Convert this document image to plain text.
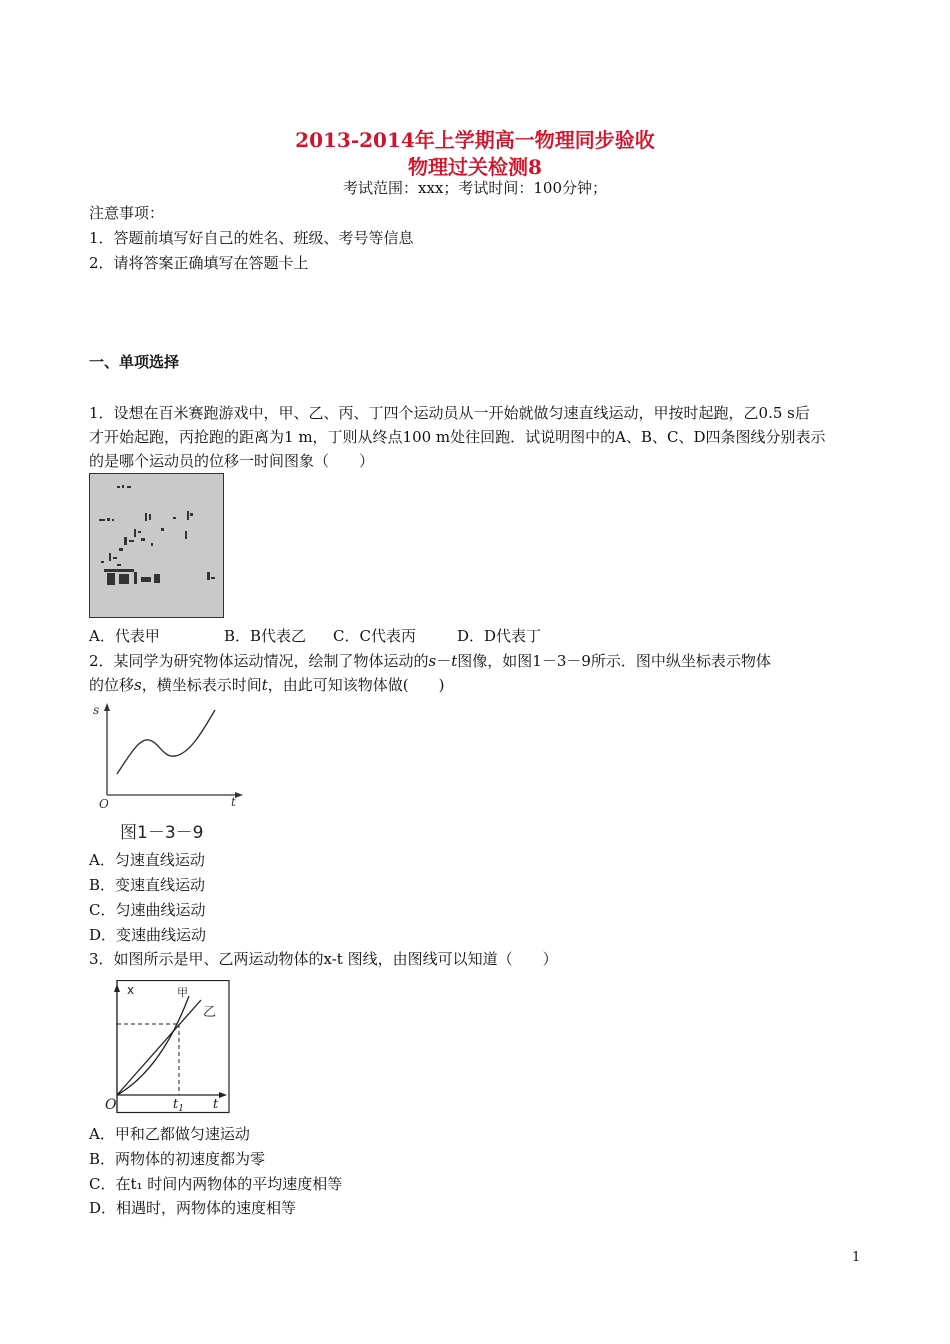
2013-2014年上学期高一物理同步验收
物理过关检测8
考试范围：xxx；考试时间：100分钟；
注意事项：
1．答题前填写好自己的姓名、班级、考号等信息
2．请将答案正确填写在答题卡上
一、单项选择
1．设想在百米赛跑游戏中，甲、乙、丙、丁四个运动员从一开始就做匀速直线运动，甲按时起跑，乙0.5 s后
才开始起跑，丙抢跑的距离为1 m，丁则从终点100 m处往回跑．试说明图中的A、B、C、D四条图线分别表示
的是哪个运动员的位移一时间图象（　　）
A．代表甲	B．B代表乙 C．C代表丙	D．D代表丁
2．某同学为研究物体运动情况，绘制了物体运动的s－t图像，如图1－3－9所示．图中纵坐标表示物体
的位移s，横坐标表示时间t，由此可知该物体做(　　)
s
t
O
图1－3－9
A．匀速直线运动
B．变速直线运动
C．匀速曲线运动
D．变速曲线运动
3．如图所示是甲、乙两运动物体的x-t 图线，由图线可以知道（　　）
x	甲
乙
O	$t_1$ t
A．甲和乙都做匀速运动
B．两物体的初速度都为零
C．在t₁ 时间内两物体的平均速度相等
D．相遇时，两物体的速度相等
1
